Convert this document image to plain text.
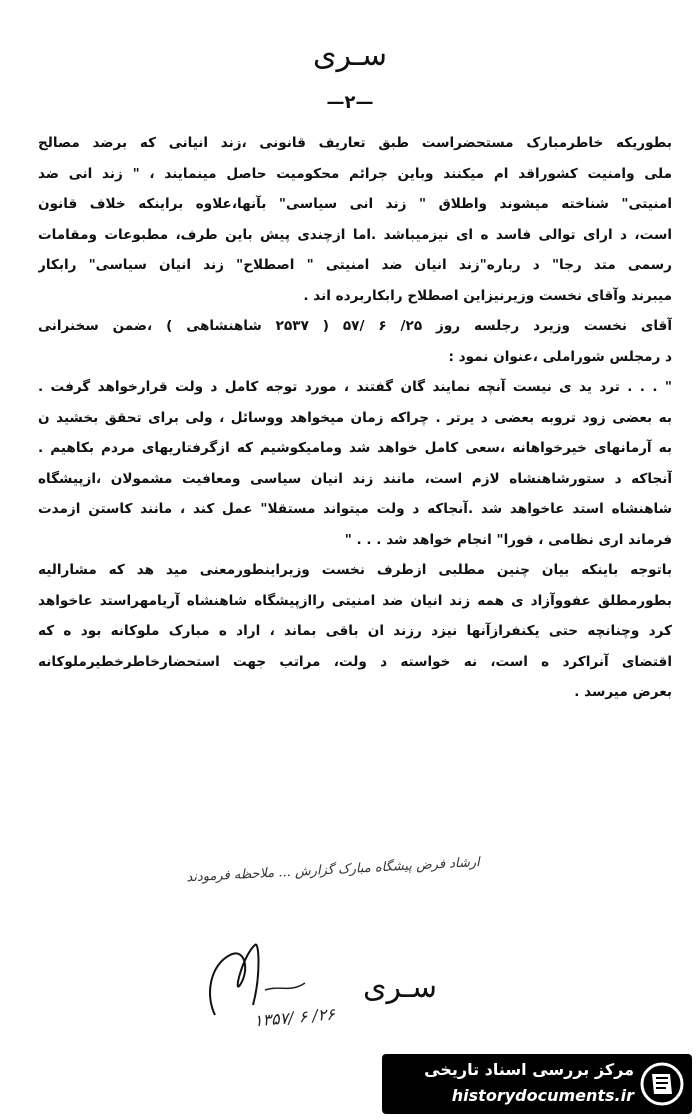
سـری
—۲—
بطوریکه خاطرمبارک مستحضراست طبق تعاریف قانونی ،زند انیانی که برضد مصالح
ملی وامنیت کشوراقد ام میکنند وباین جرائم محکومیت حاصل مینمایند ، " زند انی ضد
امنیتی" شناخته میشوند واطلاق " زند انی سیاسی" بآنها،علاوه براینکه خلاف قانون
است، د ارای توالی فاسد ه ای نیزمیباشد .اما ازچندی پیش باین طرف، مطبوعات ومقامات
رسمی متد رجا" د رباره"زند انیان ضد امنیتی " اصطلاح" زند انیان سیاسی" رابکار
میبرند وآقای نخست وزیرنیزاین اصطلاح رابکاربرده اند .
آقای نخست وزیرد رجلسه روز ۲۵/ ۶ /۵۷ ( ۲۵۳۷ شاهنشاهی ) ،ضمن سخنرانی
د رمجلس شوراملی ،عنوان نمود :
" . . . ترد ید ی نیست آنچه نمایند گان گفتند ، مورد توجه کامل د ولت قرارخواهد گرفت .
به بعضی زود تروبه بعضی د یرتر . چراکه زمان میخواهد ووسائل ، ولی برای تحقق بخشید ن
به آرمانهای خیرخواهانه ،سعی کامل خواهد شد ومامیکوشیم که ازگرفتاریهای مردم بکاهیم .
آنجاکه د ستورشاهنشاه لازم است، مانند زند انیان سیاسی ومعافیت مشمولان ،ازپیشگاه
شاهنشاه استد عاخواهد شد .آنجاکه د ولت میتواند مستقلا" عمل کند ، مانند کاستن ازمدت
فرماند اری نظامی ، فورا" انجام خواهد شد . . . "
باتوجه باینکه بیان چنین مطلبی ازطرف نخست وزیراینطورمعنی مید هد که مشارالیه
بطورمطلق عفووآزاد ی همه زند انیان ضد امنیتی راازپیشگاه شاهنشاه آریامهراستد عاخواهد
کرد وچنانچه حتی یکنفرازآنها نیزد رزند ان باقی بماند ، اراد ه مبارک ملوکانه بود ه که
اقتضای آنراکرد ه است، نه خواسته د ولت، مراتب جهت استحضارخاطرخطیرملوکانه
بعرض میرسد .
ارشاد فرض پیشگاه مبارک گزارش ... ملاحظه فرمودند
سـری
۲۶/ ۶ /۱۳۵۷
مرکز بررسی اسناد تاریخی
historydocuments.ir
